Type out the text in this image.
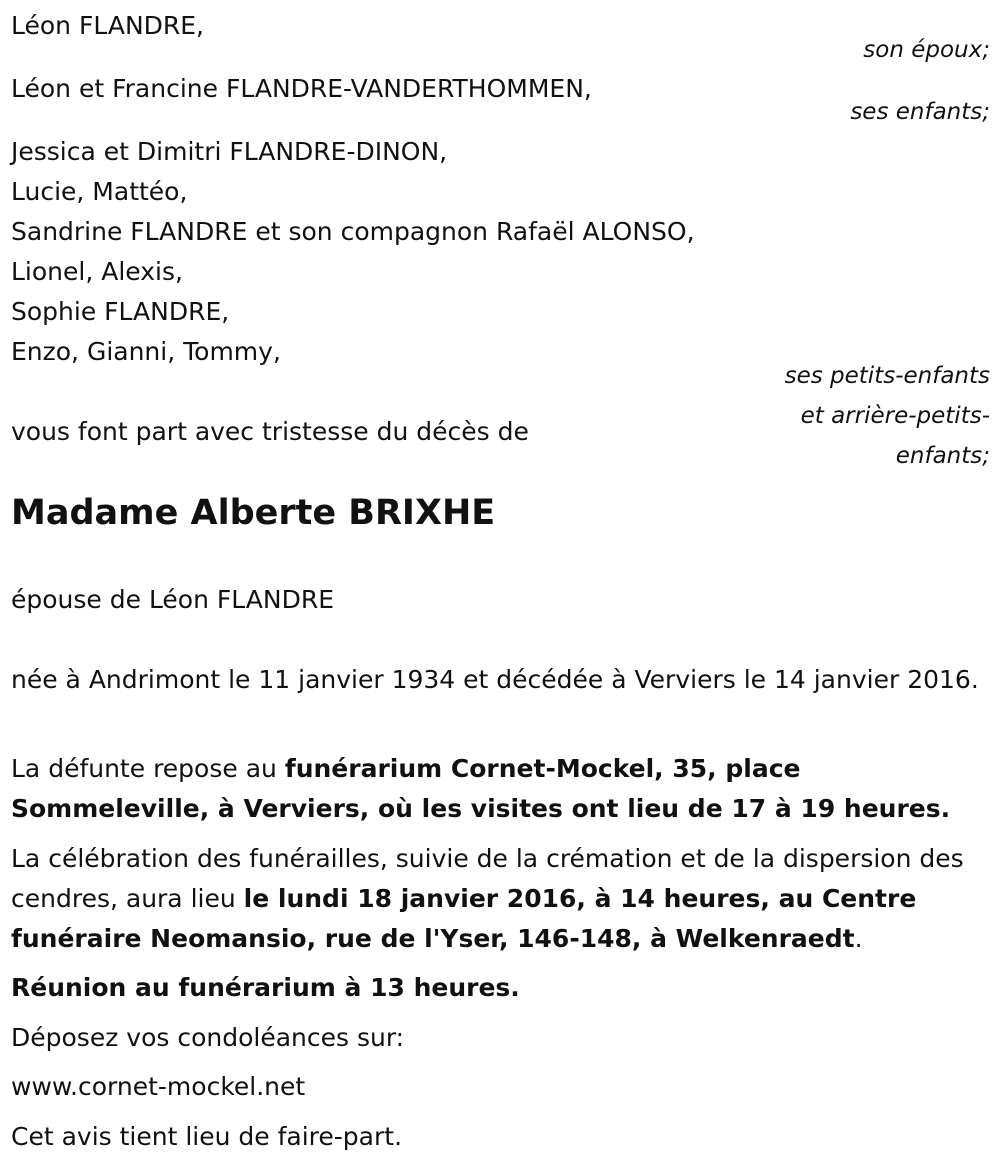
Léon FLANDRE,

son époux;

Léon et Francine FLANDRE-VANDERTHOMMEN,

ses enfants;

Jessica et Dimitri FLANDRE-DINON,

Lucie, Mattéo,

Sandrine FLANDRE et son compagnon Rafaël ALONSO,

Lionel, Alexis,

Sophie FLANDRE,

Enzo, Gianni, Tommy,

ses petits-enfants

et arrière-petits-

enfants;

vous font part avec tristesse du décès de

Madame Alberte BRIXHE

épouse de Léon FLANDRE

née à Andrimont le 11 janvier 1934 et décédée à Verviers le 14 janvier 2016.

La défunte repose au funérarium Cornet-Mockel, 35, place Sommeleville, à Verviers, où les visites ont lieu de 17 à 19 heures.

La célébration des funérailles, suivie de la crémation et de la dispersion des cendres, aura lieu le lundi 18 janvier 2016, à 14 heures, au Centre funéraire Neomansio, rue de l'Yser, 146-148, à Welkenraedt.

Réunion au funérarium à 13 heures.

Déposez vos condoléances sur:

www.cornet-mockel.net

Cet avis tient lieu de faire-part.
